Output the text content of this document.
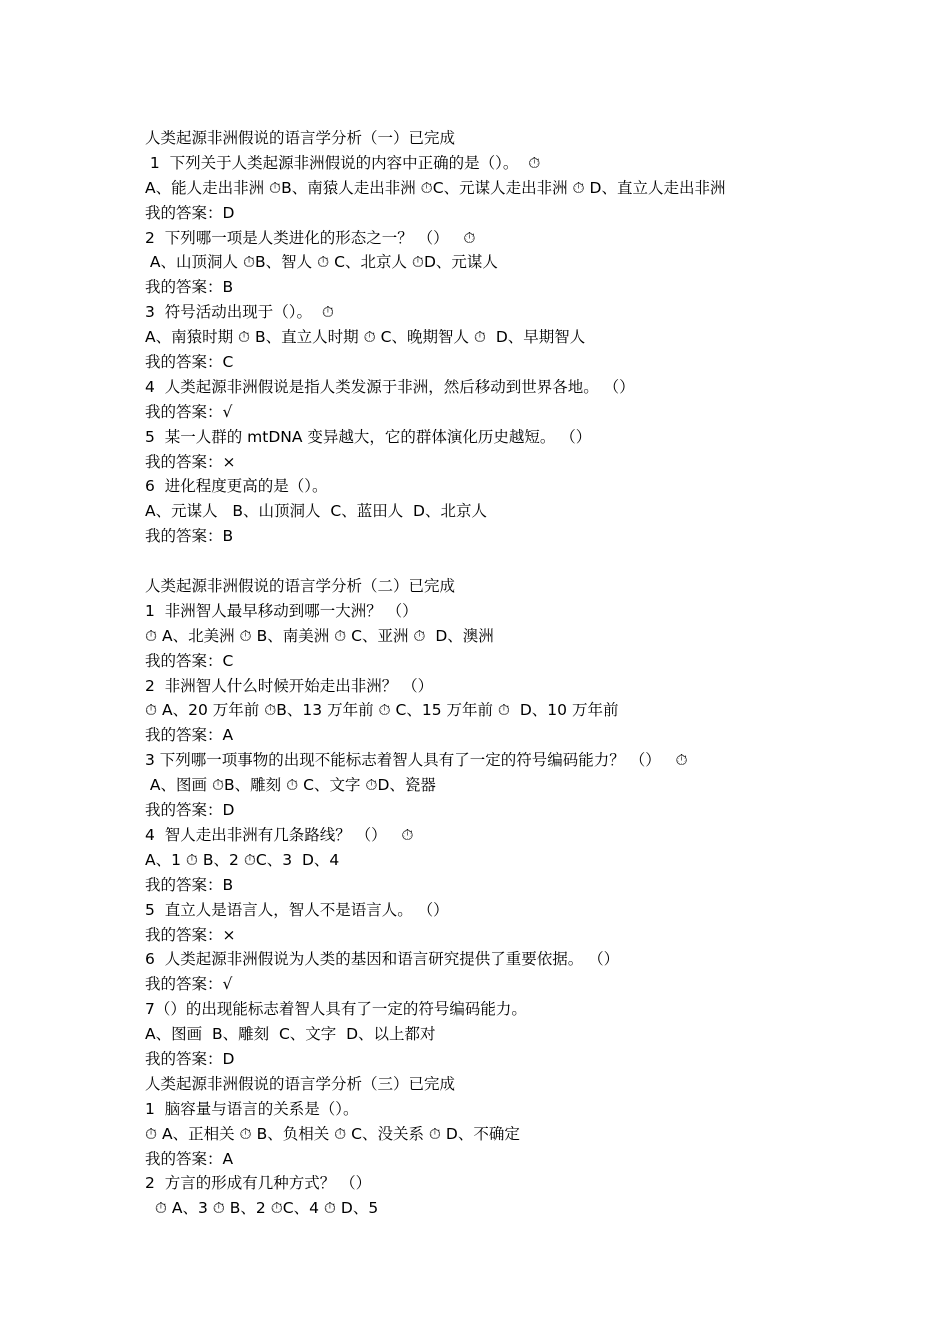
人类起源非洲假说的语言学分析（一）已完成
1  下列关于人类起源非洲假说的内容中正确的是（）。  ⏱
A、能人走出非洲 ⏱B、南猿人走出非洲 ⏱C、元谋人走出非洲 ⏱ D、直立人走出非洲
我的答案：D
2  下列哪一项是人类进化的形态之一？ （）   ⏱
A、山顶洞人 ⏱B、智人 ⏱ C、北京人 ⏱D、元谋人
我的答案：B
3  符号活动出现于（）。  ⏱
A、南猿时期 ⏱ B、直立人时期 ⏱ C、晚期智人 ⏱  D、早期智人
我的答案：C
4  人类起源非洲假说是指人类发源于非洲，然后移动到世界各地。 （）
我的答案：√
5  某一人群的 mtDNA 变异越大，它的群体演化历史越短。 （）
我的答案：×
6  进化程度更高的是（）。
A、元谋人   B、山顶洞人  C、蓝田人  D、北京人
我的答案：B
人类起源非洲假说的语言学分析（二）已完成
1  非洲智人最早移动到哪一大洲？ （）
⏱ A、北美洲 ⏱ B、南美洲 ⏱ C、亚洲 ⏱  D、澳洲
我的答案：C
2  非洲智人什么时候开始走出非洲？ （）
⏱ A、20 万年前 ⏱B、13 万年前 ⏱ C、15 万年前 ⏱  D、10 万年前
我的答案：A
3 下列哪一项事物的出现不能标志着智人具有了一定的符号编码能力？ （）   ⏱
A、图画 ⏱B、雕刻 ⏱ C、文字 ⏱D、瓷器
我的答案：D
4  智人走出非洲有几条路线？ （）   ⏱
A、1 ⏱ B、2 ⏱C、3  D、4
我的答案：B
5  直立人是语言人，智人不是语言人。 （）
我的答案：×
6  人类起源非洲假说为人类的基因和语言研究提供了重要依据。 （）
我的答案：√
7（）的出现能标志着智人具有了一定的符号编码能力。
A、图画  B、雕刻  C、文字  D、以上都对
我的答案：D
人类起源非洲假说的语言学分析（三）已完成
1  脑容量与语言的关系是（）。
⏱ A、正相关 ⏱ B、负相关 ⏱ C、没关系 ⏱ D、不确定
我的答案：A
2  方言的形成有几种方式？ （）
⏱ A、3 ⏱ B、2 ⏱C、4 ⏱ D、5
